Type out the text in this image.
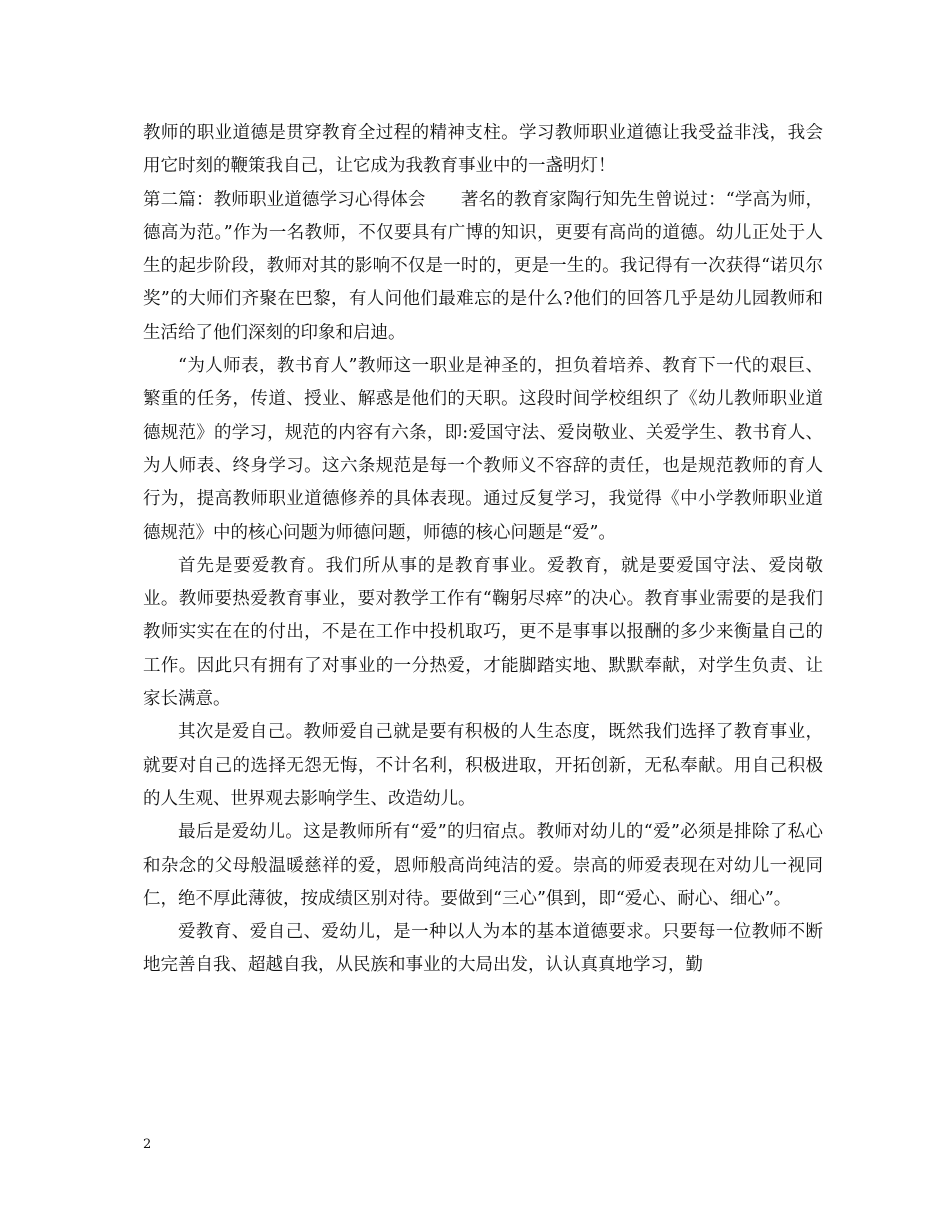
教师的职业道德是贯穿教育全过程的精神支柱。学习教师职业道德让我受益非浅，我会用它时刻的鞭策我自己，让它成为我教育事业中的一盏明灯！

第二篇：教师职业道德学习心得体会　　著名的教育家陶行知先生曾说过：“学高为师，德高为范。”作为一名教师，不仅要具有广博的知识，更要有高尚的道德。幼儿正处于人生的起步阶段，教师对其的影响不仅是一时的，更是一生的。我记得有一次获得“诺贝尔奖”的大师们齐聚在巴黎，有人问他们最难忘的是什么?他们的回答几乎是幼儿园教师和生活给了他们深刻的印象和启迪。

“为人师表，教书育人”教师这一职业是神圣的，担负着培养、教育下一代的艰巨、繁重的任务，传道、授业、解惑是他们的天职。这段时间学校组织了《幼儿教师职业道德规范》的学习，规范的内容有六条，即:爱国守法、爱岗敬业、关爱学生、教书育人、为人师表、终身学习。这六条规范是每一个教师义不容辞的责任，也是规范教师的育人行为，提高教师职业道德修养的具体表现。通过反复学习，我觉得《中小学教师职业道德规范》中的核心问题为师德问题，师德的核心问题是“爱”。

首先是要爱教育。我们所从事的是教育事业。爱教育，就是要爱国守法、爱岗敬业。教师要热爱教育事业，要对教学工作有“鞠躬尽瘁”的决心。教育事业需要的是我们教师实实在在的付出，不是在工作中投机取巧，更不是事事以报酬的多少来衡量自己的工作。因此只有拥有了对事业的一分热爱，才能脚踏实地、默默奉献，对学生负责、让家长满意。

其次是爱自己。教师爱自己就是要有积极的人生态度，既然我们选择了教育事业，就要对自己的选择无怨无悔，不计名利，积极进取，开拓创新，无私奉献。用自己积极的人生观、世界观去影响学生、改造幼儿。

最后是爱幼儿。这是教师所有“爱”的归宿点。教师对幼儿的“爱”必须是排除了私心和杂念的父母般温暖慈祥的爱，恩师般高尚纯洁的爱。崇高的师爱表现在对幼儿一视同仁，绝不厚此薄彼，按成绩区别对待。要做到“三心”俱到，即“爱心、耐心、细心”。

爱教育、爱自己、爱幼儿，是一种以人为本的基本道德要求。只要每一位教师不断地完善自我、超越自我，从民族和事业的大局出发，认认真真地学习，勤

2
